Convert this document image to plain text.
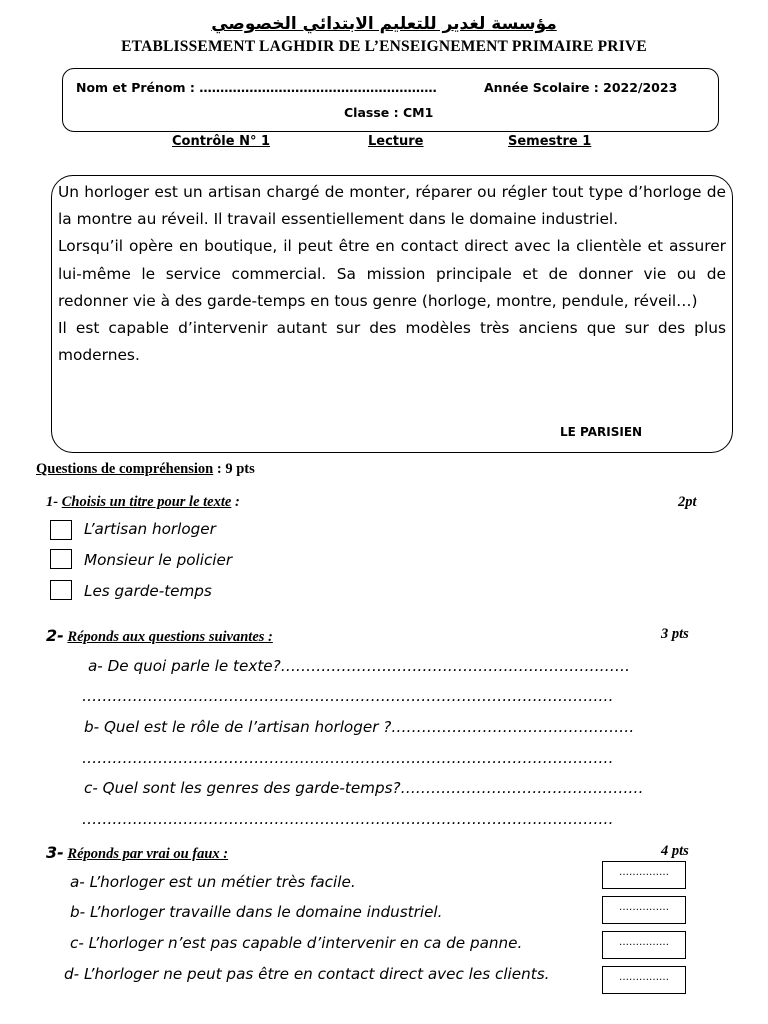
مؤسسة لغدير للتعليم الابتدائي الخصوصي
ETABLISSEMENT LAGHDIR DE L’ENSEIGNEMENT PRIMAIRE PRIVE
Nom et Prénom : …………………………………………………	Année Scolaire : 2022/2023
Classe : CM1
Contrôle N° 1	Lecture	Semestre 1

Un horloger est un artisan chargé de monter, réparer ou régler tout type d’horloge de la montre au réveil. Il travail essentiellement dans le domaine industriel.

Lorsqu’il opère en boutique, il peut être en contact direct avec la clientèle et assurer lui-même le service commercial. Sa mission principale et de donner vie ou de redonner vie à des garde-temps en tous genre (horloge, montre, pendule, réveil…)

Il est capable d’intervenir autant sur des modèles très anciens que sur des plus modernes.

LE PARISIEN
Questions de compréhension : 9 pts
1- Choisis un titre pour le texte :	2pt
L’artisan horloger
Monsieur le policier
Les garde-temps
2- Réponds aux questions suivantes :	3 pts
a- De quoi parle le texte?……………………………………………………………
……………………………………………………………………………………………
b- Quel est le rôle de l’artisan horloger ?…………………………………………
……………………………………………………………………………………………
c- Quel sont les genres des garde-temps?…………………………………………
……………………………………………………………………………………………
3- Réponds par vrai ou faux :	4 pts
a- L’horloger est un métier très facile.
……………
b- L’horloger travaille dans le domaine industriel.	……………
c- L’horloger n’est pas capable d’intervenir en ca de panne.	……………
d- L’horloger ne peut pas être en contact direct avec les clients.	……………
